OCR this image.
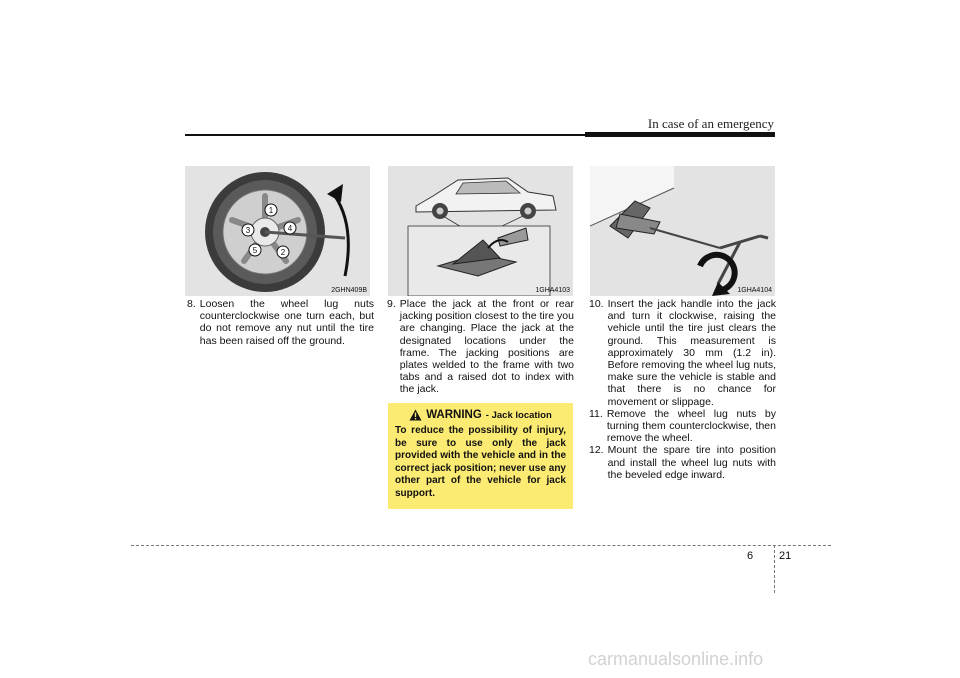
In case of an emergency
1
2
3	4
5
2GHN409B	1GHA4103	1GHA4104
8. Loosen the wheel lug nuts counterclockwise one turn each, but do not remove any nut until the tire has been raised off the ground.
9. Place the jack at the front or rear jacking position closest to the tire you are changing. Place the jack at the designated locations under the frame. The jacking positions are plates welded to the frame with two tabs and a raised dot to index with the jack.
WARNING - Jack location
To reduce the possibility of injury, be sure to use only the jack provided with the vehicle and in the correct jack position; never use any other part of the vehicle for jack support.
10. Insert the jack handle into the jack and turn it clockwise, raising the vehicle until the tire just clears the ground. This measurement is approximately 30 mm (1.2 in). Before removing the wheel lug nuts, make sure the vehicle is stable and that there is no chance for movement or slippage.
11. Remove the wheel lug nuts by turning them counterclockwise, then remove the wheel.
12. Mount the spare tire into position and install the wheel lug nuts with the beveled edge inward.
6 21
carmanualsonline.info
